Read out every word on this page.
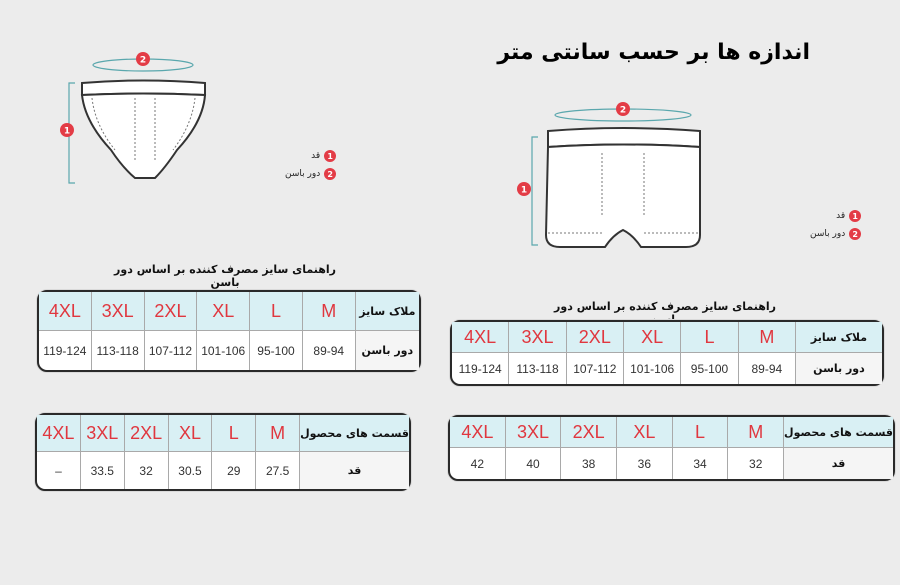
اندازه ها بر حسب سانتی متر
2
1
1
قد
2
دور باسن
2
1
1
قد
2
دور باسن
راهنمای سایز مصرف کننده بر اساس دور باسن
راهنمای سایز مصرف کننده بر اساس دور
4XL	3XL	2XL	XL	L	M	ملاک سایز
119-124 113-118 107-112 101-106	95-100	89-94	دور باسن
4XL 3XL 2XL XL	L	M	قسمت های محصول
–	33.5	32	30.5	29	27.5	قد
4XL	3XL	2XL	XL	L	M	ملاک سایز
119-124	113-118	107-112	101-106	95-100	89-94	دور باسن
4XL	3XL	2XL	XL	L	M	قسمت های محصول
42	40	38	36	34	32	قد
